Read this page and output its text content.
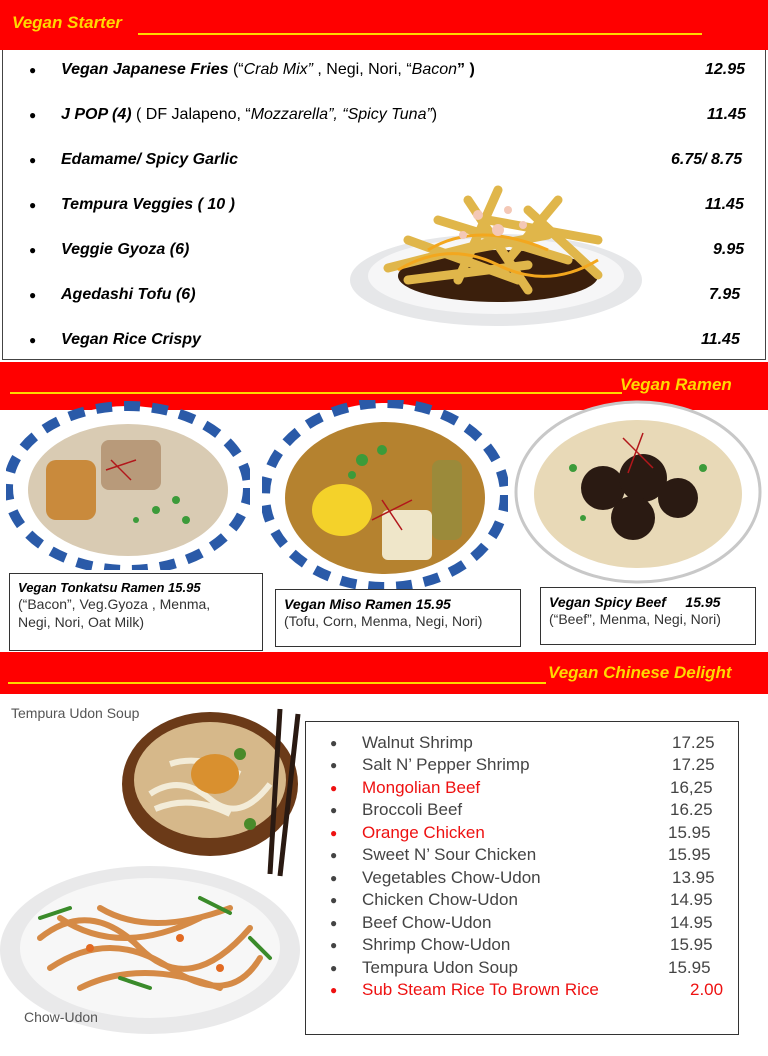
Vegan Starter
● Vegan Japanese Fries (“Crab Mix” , Negi, Nori, “Bacon” )	12.95
● J POP (4) ( DF Jalapeno, “Mozzarella”, “Spicy Tuna”)	11.45
● Edamame/ Spicy Garlic	6.75/ 8.75
● Tempura Veggies ( 10 )	11.45
● Veggie Gyoza (6)	9.95
● Agedashi Tofu (6)	7.95
● Vegan Rice Crispy	11.45
Vegan Ramen
Vegan Tonkatsu Ramen 15.95
(“Bacon”, Veg.Gyoza , Menma,
Negi, Nori, Oat Milk)
Vegan Miso Ramen 15.95
(Tofu, Corn, Menma, Negi, Nori)
Vegan Spicy Beef     15.95
(“Beef”, Menma, Negi, Nori)
Vegan Chinese Delight
Tempura Udon Soup
Chow-Udon
● Walnut Shrimp	17.25
● Salt N’ Pepper Shrimp	17.25
● Mongolian Beef	16,25
● Broccoli Beef	16.25
● Orange Chicken	15.95
● Sweet N’ Sour Chicken	15.95
● Vegetables Chow-Udon	13.95
● Chicken Chow-Udon	14.95
● Beef Chow-Udon	14.95
● Shrimp Chow-Udon	15.95
● Tempura Udon Soup	15.95
● Sub Steam Rice To Brown Rice	2.00
